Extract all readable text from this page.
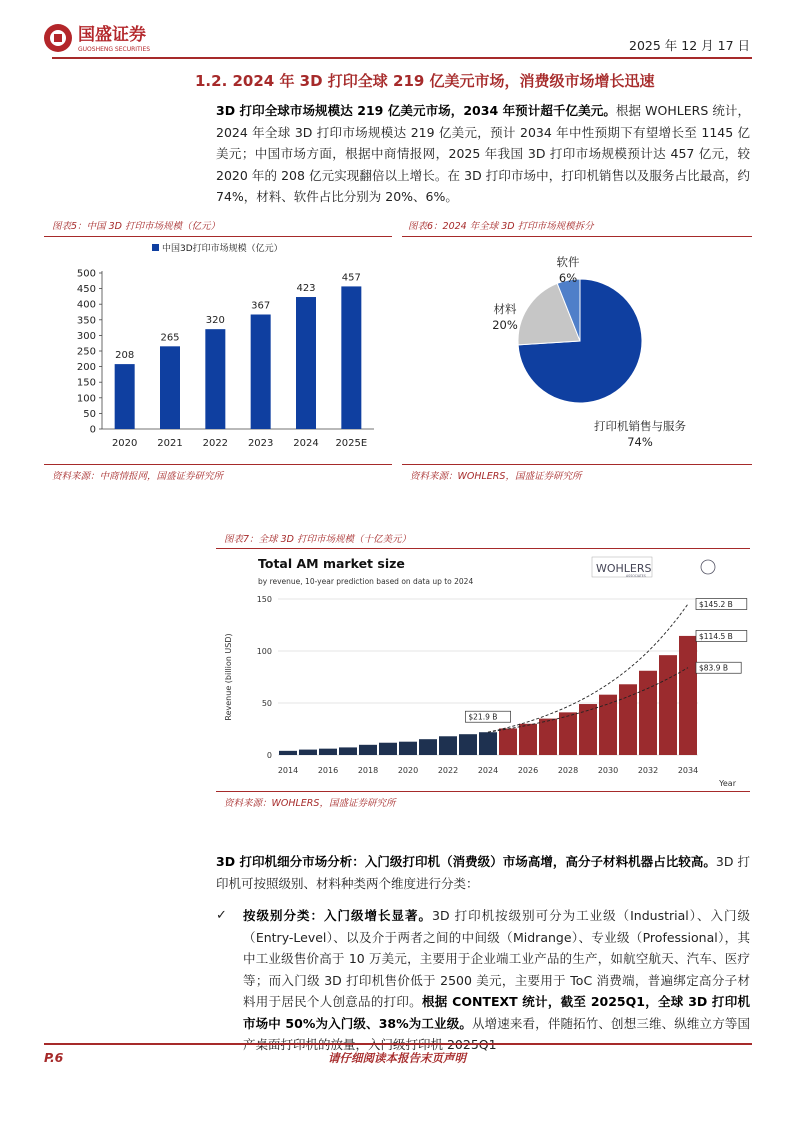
国盛证券
GUOSHENG SECURITIES	2025 年 12 月 17 日
1.2. 2024 年 3D 打印全球 219 亿美元市场，消费级市场增长迅速
3D 打印全球市场规模达 219 亿美元市场，2034 年预计超千亿美元。根据 WOHLERS 统计，2024 年全球 3D 打印市场规模达 219 亿美元，预计 2034 年中性预期下有望增长至 1145 亿美元；中国市场方面，根据中商情报网，2025 年我国 3D 打印市场规模预计达 457 亿元，较 2020 年的 208 亿元实现翻倍以上增长。在 3D 打印市场中，打印机销售以及服务占比最高，约 74%，材料、软件占比分别为 20%、6%。
图表5：中国 3D 打印市场规模（亿元）
中国3D打印市场规模（亿元）
0
50
100
150
200
250
300
350
400
450
500
208
2020
265
2021
320
2022
367
2023
423
2024
457
2025E
资料来源：中商情报网，国盛证券研究所
图表6：2024 年全球 3D 打印市场规模拆分
打印机销售与服务
74%
材料
20%
软件
6%
资料来源：WOHLERS，国盛证券研究所
图表7：全球 3D 打印市场规模（十亿美元）
Total AM market size
by revenue, 10-year prediction based on data up to 2024
WOHLERS
ASSOCIATES
0
50
100
150
Revenue (billion USD)
2014 2016 2018 2020 2022 2024 2026 2028 2030 2032 2034
Year
$21.9 B
$145.2 B
$114.5 B
$83.9 B
资料来源：WOHLERS，国盛证券研究所
3D 打印机细分市场分析：入门级打印机（消费级）市场高增，高分子材料机器占比较高。3D 打印机可按照级别、材料种类两个维度进行分类：
✓ 按级别分类：入门级增长显著。3D 打印机按级别可分为工业级（Industrial）、入门级（Entry-Level）、以及介于两者之间的中间级（Midrange）、专业级（Professional），其中工业级售价高于 10 万美元，主要用于企业端工业产品的生产，如航空航天、汽车、医疗等；而入门级 3D 打印机售价低于 2500 美元，主要用于 ToC 消费端，普遍绑定高分子材料用于居民个人创意品的打印。根据 CONTEXT 统计，截至 2025Q1，全球 3D 打印机市场中 50%为入门级、38%为工业级。从增速来看，伴随拓竹、创想三维、纵维立方等国产桌面打印机的放量，入门级打印机 2025Q1
P.6	请仔细阅读本报告末页声明
